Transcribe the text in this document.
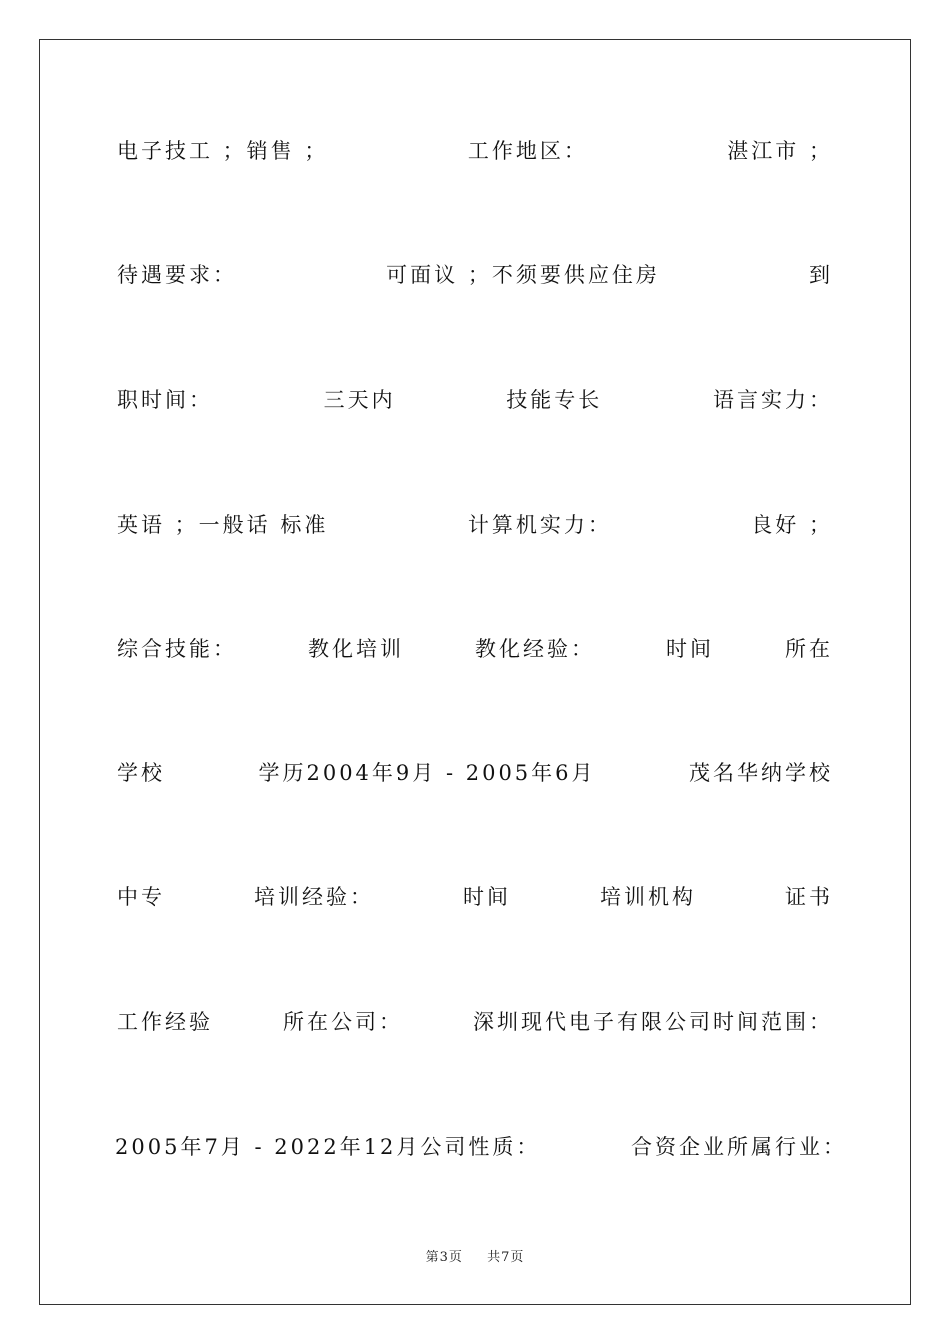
电子技工 ；销售 ；	工作地区：	湛江市 ；
待遇要求：	可面议 ；不须要供应住房	到
职时间：	三天内	技能专长	语言实力：
英语 ；一般话 标准	计算机实力：	良好 ；
综合技能：	教化培训	教化经验：	时间	所在
学校	学历2004年9月 - 2005年6月	茂名华纳学校
中专	培训经验：	时间	培训机构	证书
工作经验	所在公司：	深圳现代电子有限公司时间范围：
2005年7月 - 2022年12月公司性质：	合资企业所属行业：
第3页 共7页
